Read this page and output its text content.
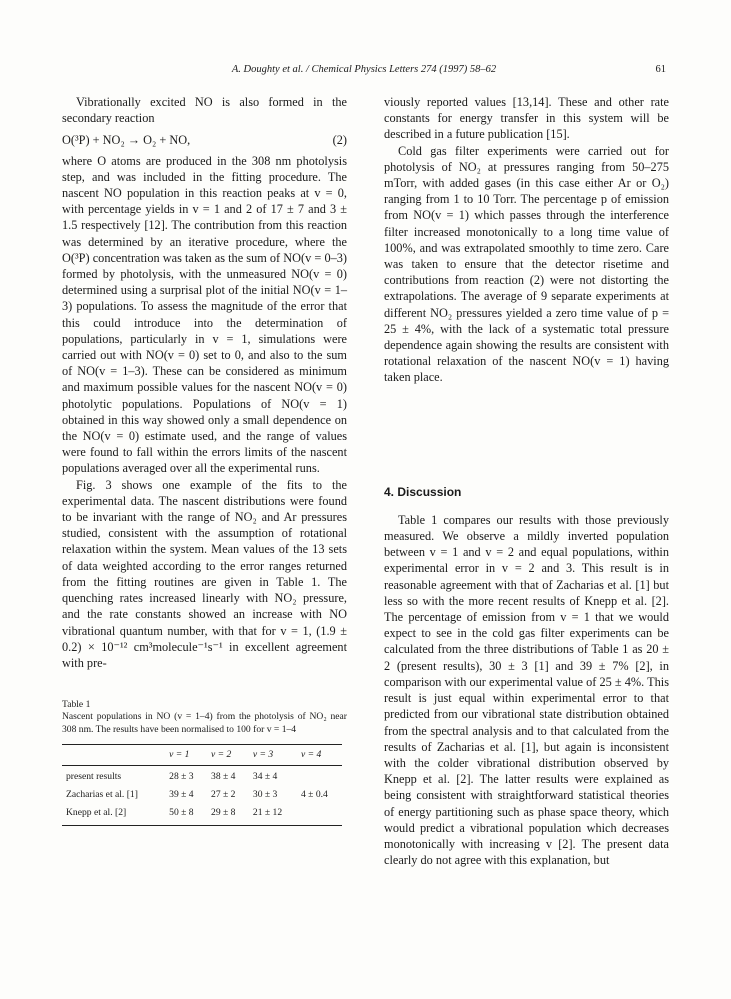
A. Doughty et al. / Chemical Physics Letters 274 (1997) 58–62	61

Vibrationally excited NO is also formed in the secondary reaction

O(³P) + NO₂ → O₂ + NO,	(2)

where O atoms are produced in the 308 nm photolysis step, and was included in the fitting procedure. The nascent NO population in this reaction peaks at v = 0, with percentage yields in v = 1 and 2 of 17 ± 7 and 3 ± 1.5 respectively [12]. The contribution from this reaction was determined by an iterative procedure, where the O(³P) concentration was taken as the sum of NO(v = 0–3) formed by photolysis, with the unmeasured NO(v = 0) determined using a surprisal plot of the initial NO(v = 1–3) populations. To assess the magnitude of the error that this could introduce into the determination of populations, particularly in v = 1, simulations were carried out with NO(v = 0) set to 0, and also to the sum of NO(v = 1–3). These can be considered as minimum and maximum possible values for the nascent NO(v = 0) photolytic populations. Populations of NO(v = 1) obtained in this way showed only a small dependence on the NO(v = 0) estimate used, and the range of values were found to fall within the errors limits of the nascent populations averaged over all the experimental runs.

Fig. 3 shows one example of the fits to the experimental data. The nascent distributions were found to be invariant with the range of NO₂ and Ar pressures studied, consistent with the assumption of rotational relaxation within the system. Mean values of the 13 sets of data weighted according to the error ranges returned from the fitting routines are given in Table 1. The quenching rates increased linearly with NO₂ pressure, and the rate constants showed an increase with NO vibrational quantum number, with that for v = 1, (1.9 ± 0.2) × 10⁻¹² cm³molecule⁻¹s⁻¹ in excellent agreement with pre-

Table 1
Nascent populations in NO (v = 1–4) from the photolysis of NO₂ near 308 nm. The results have been normalised to 100 for v = 1–4
	v = 1	v = 2	v = 3	v = 4
present results	28 ± 3	38 ± 4	34 ± 4	
Zacharias et al. [1]	39 ± 4	27 ± 2	30 ± 3	4 ± 0.4
Knepp et al. [2]	50 ± 8	29 ± 8	21 ± 12	

viously reported values [13,14]. These and other rate constants for energy transfer in this system will be described in a future publication [15].

Cold gas filter experiments were carried out for photolysis of NO₂ at pressures ranging from 50–275 mTorr, with added gases (in this case either Ar or O₂) ranging from 1 to 10 Torr. The percentage p of emission from NO(v = 1) which passes through the interference filter increased monotonically to a long time value of 100%, and was extrapolated smoothly to time zero. Care was taken to ensure that the detector risetime and contributions from reaction (2) were not distorting the extrapolations. The average of 9 separate experiments at different NO₂ pressures yielded a zero time value of p = 25 ± 4%, with the lack of a systematic total pressure dependence again showing the results are consistent with rotational relaxation of the nascent NO(v = 1) having taken place.

4. Discussion

Table 1 compares our results with those previously measured. We observe a mildly inverted population between v = 1 and v = 2 and equal populations, within experimental error in v = 2 and 3. This result is in reasonable agreement with that of Zacharias et al. [1] but less so with the more recent results of Knepp et al. [2]. The percentage of emission from v = 1 that we would expect to see in the cold gas filter experiments can be calculated from the three distributions of Table 1 as 20 ± 2 (present results), 30 ± 3 [1] and 39 ± 7% [2], in comparison with our experimental value of 25 ± 4%. This result is just equal within experimental error to that predicted from our vibrational state distribution obtained from the spectral analysis and to that calculated from the results of Zacharias et al. [1], but again is inconsistent with the colder vibrational distribution observed by Knepp et al. [2]. The latter results were explained as being consistent with straightforward statistical theories of energy partitioning such as phase space theory, which would predict a vibrational population which decreases monotonically with increasing v [2]. The present data clearly do not agree with this explanation, but
